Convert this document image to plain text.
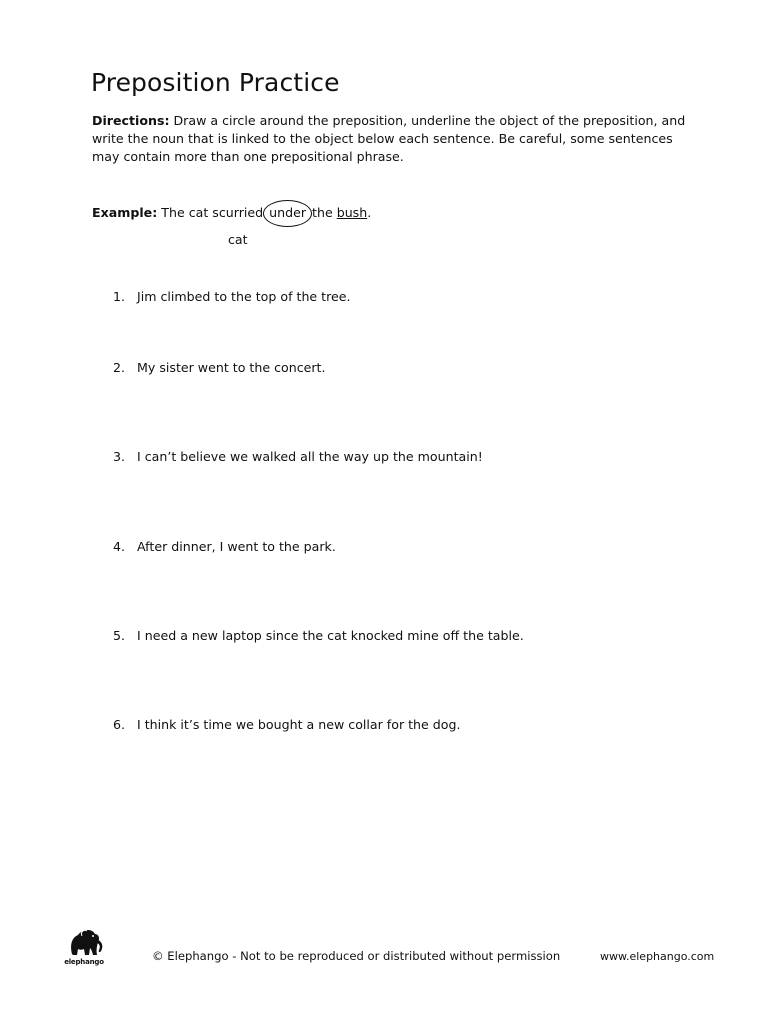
Preposition Practice
Directions: Draw a circle around the preposition, underline the object of the preposition, and write the noun that is linked to the object below each sentence. Be careful, some sentences may contain more than one prepositional phrase.
Example: The cat scurried under the bush.
cat
1. Jim climbed to the top of the tree.
2. My sister went to the concert.
3. I can’t believe we walked all the way up the mountain!
4. After dinner, I went to the park.
5. I need a new laptop since the cat knocked mine off the table.
6. I think it’s time we bought a new collar for the dog.
elephango	© Elephango - Not to be reproduced or distributed without permission	www.elephango.com
